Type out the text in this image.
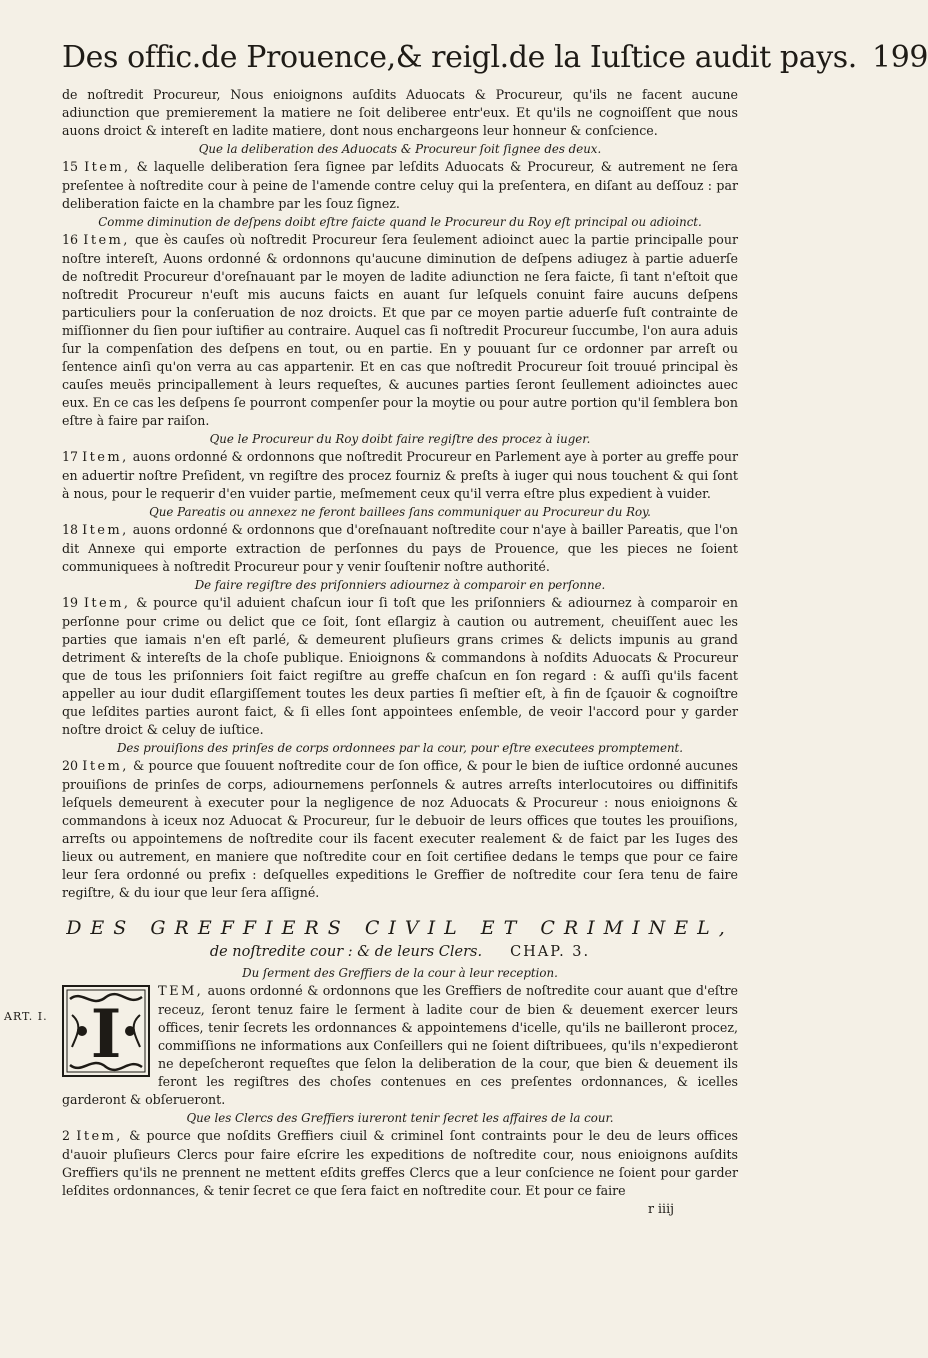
Des offic.de Prouence,& reigl.de la Iuſtice audit pays. 199
ART. I.

de noſtredit Procureur, Nous enioignons auſdits Aduocats & Procureur, qu'ils ne facent aucune adiunction que premierement la matiere ne ſoit deliberee entr'eux. Et qu'ils ne cognoiſſent que nous auons droict & intereſt en ladite matiere, dont nous enchargeons leur honneur & conſcience.

Que la deliberation des Aduocats & Procureur ſoit ſignee des deux.

15 Item, & laquelle deliberation ſera ſignee par leſdits Aduocats & Procureur, & autrement ne ſera preſentee à noſtredite cour à peine de l'amende contre celuy qui la preſentera, en diſant au deſſouz : par deliberation faicte en la chambre par les ſouz ſignez.

Comme diminution de deſpens doibt eſtre faicte quand le Procureur du Roy eſt principal ou adioinct.

16 Item, que ès cauſes où noſtredit Procureur ſera ſeulement adioinct auec la partie principalle pour noſtre intereſt, Auons ordonné & ordonnons qu'aucune diminution de deſpens adiugez à partie aduerſe de noſtredit Procureur d'oreſnauant par le moyen de ladite adiunction ne ſera faicte, ſi tant n'eſtoit que noſtredit Procureur n'euſt mis aucuns faicts en auant ſur leſquels conuint faire aucuns deſpens particuliers pour la conſeruation de noz droicts. Et que par ce moyen partie aduerſe fuſt contrainte de miſſionner du ſien pour iuſtifier au contraire. Auquel cas ſi noſtredit Procureur ſuccumbe, l'on aura aduis ſur la compenſation des deſpens en tout, ou en partie. En y pouuant ſur ce ordonner par arreſt ou ſentence ainſi qu'on verra au cas appartenir. Et en cas que noſtredit Procureur ſoit trouué principal ès cauſes meuës principallement à leurs requeſtes, & aucunes parties ſeront ſeullement adioinctes auec eux. En ce cas les deſpens ſe pourront compenſer pour la moytie ou pour autre portion qu'il ſemblera bon eſtre à faire par raiſon.

Que le Procureur du Roy doibt faire regiſtre des procez à iuger.

17 Item, auons ordonné & ordonnons que noſtredit Procureur en Parlement aye à porter au greffe pour en aduertir noſtre Preſident, vn regiſtre des procez fourniz & preſts à iuger qui nous touchent & qui ſont à nous, pour le requerir d'en vuider partie, meſmement ceux qu'il verra eſtre plus expedient à vuider.

Que Pareatis ou annexez ne feront baillees ſans communiquer au Procureur du Roy.

18 Item, auons ordonné & ordonnons que d'oreſnauant noſtredite cour n'aye à bailler Pareatis, que l'on dit Annexe qui emporte extraction de perſonnes du pays de Prouence, que les pieces ne ſoient communiquees à noſtredit Procureur pour y venir ſouſtenir noſtre authorité.

De faire regiſtre des priſonniers adiournez à comparoir en perſonne.

19 Item, & pource qu'il aduient chaſcun iour ſi toſt que les priſonniers & adiournez à comparoir en perſonne pour crime ou delict que ce ſoit, ſont eſlargiz à caution ou autrement, cheuiſſent auec les parties que iamais n'en eſt parlé, & demeurent pluſieurs grans crimes & delicts impunis au grand detriment & intereſts de la choſe publique. Enioignons & commandons à noſdits Aduocats & Procureur que de tous les priſonniers ſoit faict regiſtre au greffe chaſcun en ſon regard : & auſſi qu'ils facent appeller au iour dudit eſlargiſſement toutes les deux parties ſi meſtier eſt, à fin de ſçauoir & cognoiſtre que leſdites parties auront faict, & ſi elles ſont appointees enſemble, de veoir l'accord pour y garder noſtre droict & celuy de iuſtice.

Des prouiſions des prinſes de corps ordonnees par la cour, pour eſtre executees promptement.

20 Item, & pource que ſouuent noſtredite cour de ſon office, & pour le bien de iuſtice ordonné aucunes prouiſions de prinſes de corps, adiournemens perſonnels & autres arreſts interlocutoires ou diffinitifs leſquels demeurent à executer pour la negligence de noz Aduocats & Procureur : nous enioignons & commandons à iceux noz Aduocat & Procureur, ſur le debuoir de leurs offices que toutes les prouiſions, arreſts ou appointemens de noſtredite cour ils facent executer realement & de faict par les Iuges des lieux ou autrement, en maniere que noſtredite cour en ſoit certifiee dedans le temps que pour ce faire leur ſera ordonné ou prefix : deſquelles expeditions le Greffier de noſtredite cour ſera tenu de faire regiſtre, & du iour que leur ſera aſſigné.

DES GREFFIERS CIVIL ET CRIMINEL,

de noſtredite cour : & de leurs Clers. CHAP. 3.

Du ſerment des Greffiers de la cour à leur reception.

I
TEM, auons ordonné & ordonnons que les Greffiers de noſtredite cour auant que d'eſtre receuz, ſeront tenuz faire le ſerment à ladite cour de bien & deuement exercer leurs offices, tenir ſecrets les ordonnances & appointemens d'icelle, qu'ils ne bailleront procez, commiſſions ne informations aux Conſeillers qui ne ſoient diſtribuees, qu'ils n'expedieront ne depeſcheront requeſtes que ſelon la deliberation de la cour, que bien & deuement ils feront les regiſtres des choſes contenues en ces preſentes ordonnances, & icelles garderont & obſerueront.

Que les Clercs des Greffiers iureront tenir ſecret les affaires de la cour.

2 Item, & pource que noſdits Greffiers ciuil & criminel ſont contraints pour le deu de leurs offices d'auoir pluſieurs Clercs pour faire eſcrire les expeditions de noſtredite cour, nous enioignons auſdits Greffiers qu'ils ne prennent ne mettent eſdits greffes Clercs que a leur conſcience ne ſoient pour garder leſdites ordonnances, & tenir ſecret ce que ſera faict en noſtredite cour. Et pour ce faire

r iiij
